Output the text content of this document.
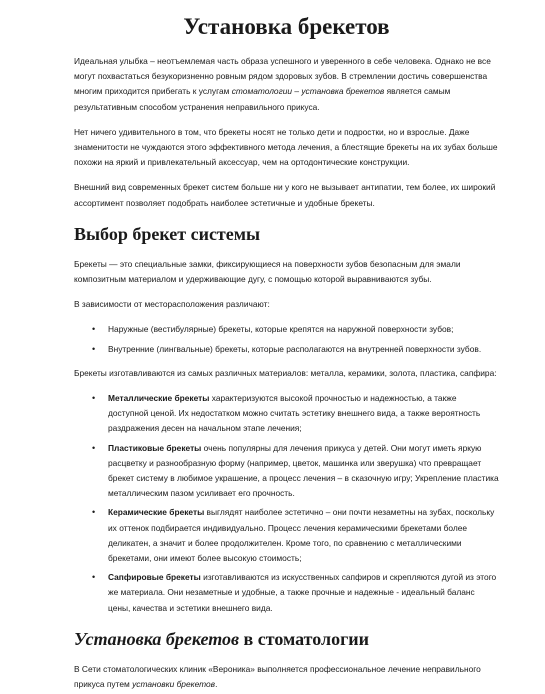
Установка брекетов

Идеальная улыбка – неотъемлемая часть образа успешного и уверенного в себе человека. Однако не все могут похвастаться безукоризненно ровным рядом здоровых зубов. В стремлении достичь совершенства многим приходится прибегать к услугам стоматологии – установка брекетов является самым результативным способом устранения неправильного прикуса.

Нет ничего удивительного в том, что брекеты носят не только дети и подростки, но и взрослые. Даже знаменитости не чуждаются этого эффективного метода лечения, а блестящие брекеты на их зубах больше похожи на яркий и привлекательный аксессуар, чем на ортодонтические конструкции.

Внешний вид современных брекет систем больше ни у кого не вызывает антипатии, тем более, их широкий ассортимент позволяет подобрать наиболее эстетичные и удобные брекеты.

Выбор брекет системы

Брекеты — это специальные замки, фиксирующиеся на поверхности зубов безопасным для эмали композитным материалом и удерживающие дугу, с помощью которой выравниваются зубы.

В зависимости от месторасположения различают:

• Наружные (вестибулярные) брекеты, которые крепятся на наружной поверхности зубов;
• Внутренние (лингвальные) брекеты, которые располагаются на внутренней поверхности зубов.

Брекеты изготавливаются из самых различных материалов: металла, керамики, золота, пластика, сапфира:

• Металлические брекеты характеризуются высокой прочностью и надежностью, а также доступной ценой. Их недостатком можно считать эстетику внешнего вида, а также вероятность раздражения десен на начальном этапе лечения;
• Пластиковые брекеты очень популярны для лечения прикуса у детей. Они могут иметь яркую расцветку и разнообразную форму (например, цветок, машинка или зверушка) что превращает брекет систему в любимое украшение, а процесс лечения – в сказочную игру; Укрепление пластика металлическим пазом усиливает его прочность.
• Керамические брекеты выглядят наиболее эстетично – они почти незаметны на зубах, поскольку их оттенок подбирается индивидуально. Процесс лечения керамическими брекетами более деликатен, а значит и более продолжителен. Кроме того, по сравнению с металлическими брекетами, они имеют более высокую стоимость;
• Сапфировые брекеты изготавливаются из искусственных сапфиров и скрепляются дугой из этого же материала. Они незаметные и удобные, а также прочные и надежные - идеальный баланс цены, качества и эстетики внешнего вида.
Установка брекетов в стоматологии

В Сети стоматологических клиник «Вероника» выполняется профессиональное лечение неправильного прикуса путем установки брекетов.
